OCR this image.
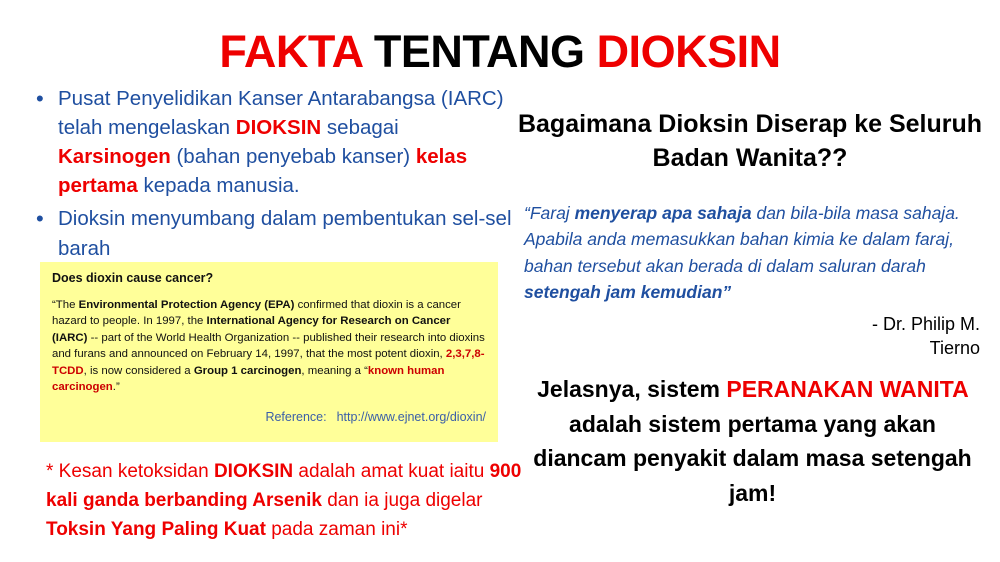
FAKTA TENTANG DIOKSIN
• Pusat Penyelidikan Kanser Antarabangsa (IARC) telah mengelaskan DIOKSIN sebagai Karsinogen (bahan penyebab kanser) kelas pertama kepada manusia.
• Dioksin menyumbang dalam pembentukan sel-sel barah
Does dioxin cause cancer?
“The Environmental Protection Agency (EPA) confirmed that dioxin is a cancer hazard to people. In 1997, the International Agency for Research on Cancer (IARC) -- part of the World Health Organization -- published their research into dioxins and furans and announced on February 14, 1997, that the most potent dioxin, 2,3,7,8-TCDD, is now considered a Group 1 carcinogen, meaning a “known human carcinogen.”
Reference: http://www.ejnet.org/dioxin/
* Kesan ketoksidan DIOKSIN adalah amat kuat iaitu 900 kali ganda berbanding Arsenik dan ia juga digelar Toksin Yang Paling Kuat pada zaman ini*
Bagaimana Dioksin Diserap ke Seluruh Badan Wanita??
“Faraj menyerap apa sahaja dan bila-bila masa sahaja. Apabila anda memasukkan bahan kimia ke dalam faraj, bahan tersebut akan berada di dalam saluran darah setengah jam kemudian”
- Dr. Philip M.
Tierno
Jelasnya, sistem PERANAKAN WANITA adalah sistem pertama yang akan diancam penyakit dalam masa setengah jam!
